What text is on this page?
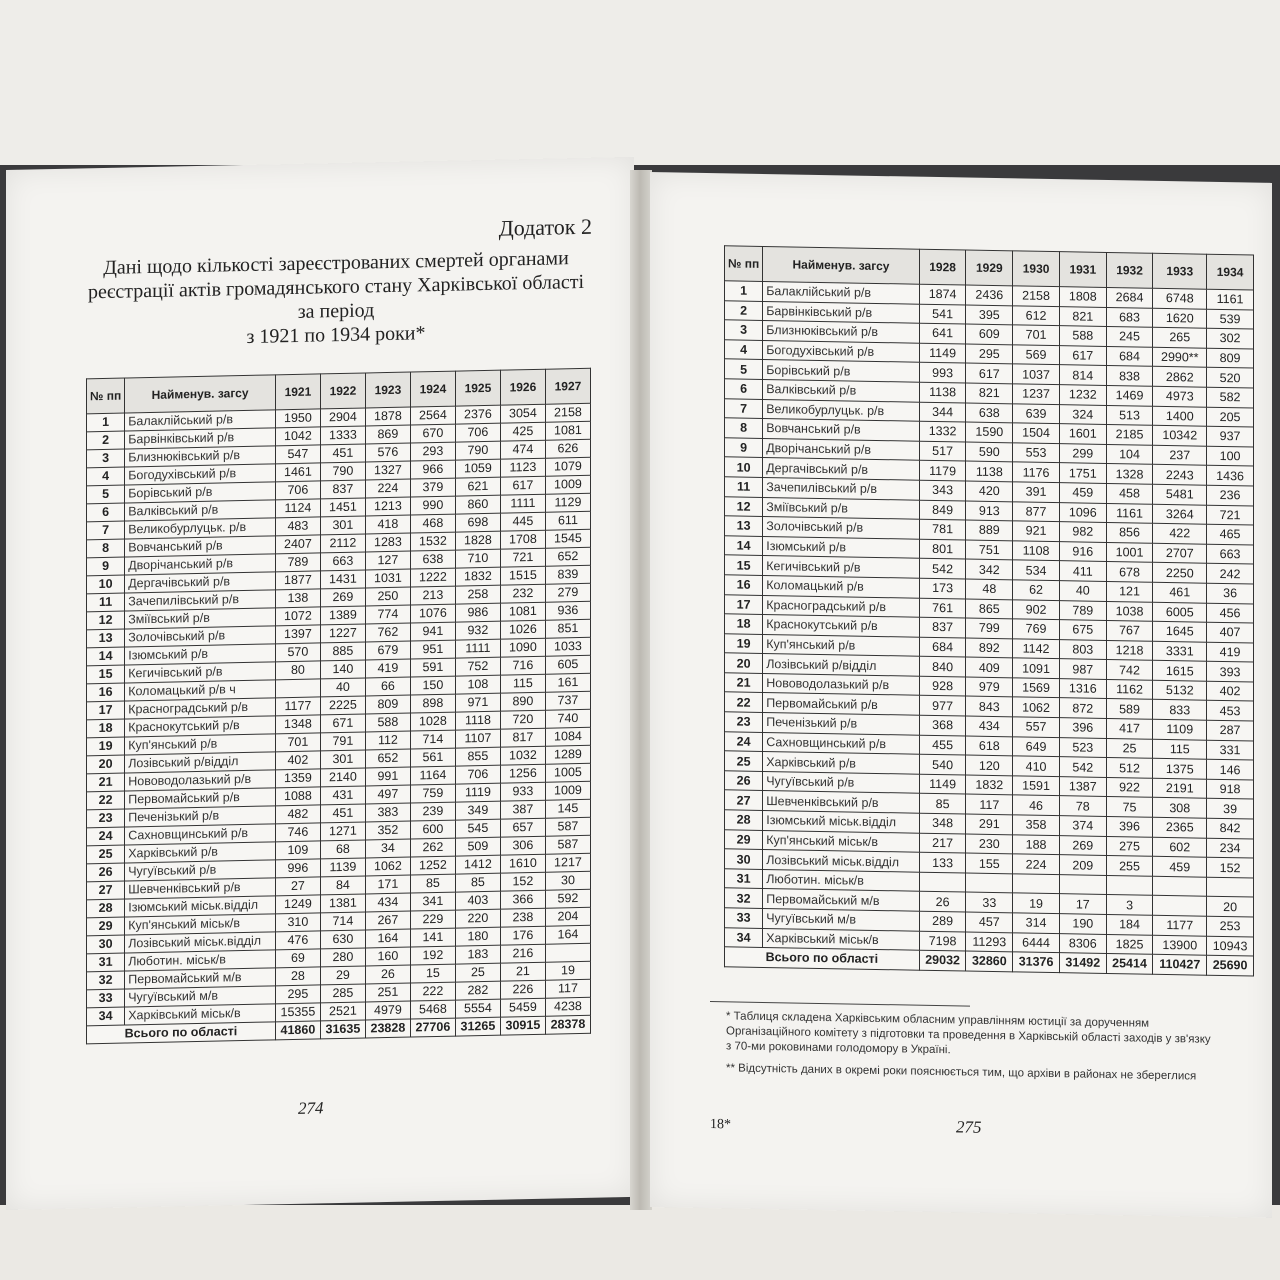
Додаток 2
Дані щодо кількості зареєстрованих смертей органами
реєстрації актів громадянського стану Харківської області
за період
з 1921 по 1934 роки*
№ пп	Найменув. загсу	1921	1922	1923	1924	1925	1926	1927
1	Балаклійський р/в	1950	2904	1878	2564	2376	3054	2158
2	Барвінківський р/в	1042	1333	869	670	706	425	1081
3	Близнюківський р/в	547	451	576	293	790	474	626
4	Богодухівський р/в	1461	790	1327	966	1059	1123	1079
5	Борівський р/в	706	837	224	379	621	617	1009
6	Валківський р/в	1124	1451	1213	990	860	1111	1129
7	Великобурлуцьк. р/в	483	301	418	468	698	445	611
8	Вовчанський р/в	2407	2112	1283	1532	1828	1708	1545
9	Дворічанський р/в	789	663	127	638	710	721	652
10	Дергачівський р/в	1877	1431	1031	1222	1832	1515	839
11	Зачепилівський р/в	138	269	250	213	258	232	279
12	Зміївський р/в	1072	1389	774	1076	986	1081	936
13	Золочівський р/в	1397	1227	762	941	932	1026	851
14	Ізюмський р/в	570	885	679	951	1111	1090	1033
15	Кегичівський р/в	80	140	419	591	752	716	605
16	Коломацький р/в ч		40	66	150	108	115	161
17	Красноградський р/в	1177	2225	809	898	971	890	737
18	Краснокутський р/в	1348	671	588	1028	1118	720	740
19	Куп'янський р/в	701	791	112	714	1107	817	1084
20	Лозівський р/відділ	402	301	652	561	855	1032	1289
21	Нововодолазький р/в	1359	2140	991	1164	706	1256	1005
22	Первомайський р/в	1088	431	497	759	1119	933	1009
23	Печенізький р/в	482	451	383	239	349	387	145
24	Сахновщинський р/в	746	1271	352	600	545	657	587
25	Харківський р/в	109	68	34	262	509	306	587
26	Чугуївський р/в	996	1139	1062	1252	1412	1610	1217
27	Шевченківський р/в	27	84	171	85	85	152	30
28	Ізюмський міськ.відділ	1249	1381	434	341	403	366	592
29	Куп'янський міськ/в	310	714	267	229	220	238	204
30	Лозівський міськ.відділ	476	630	164	141	180	176	164
31	Люботин. міськ/в	69	280	160	192	183	216	
32	Первомайський м/в	28	29	26	15	25	21	19
33	Чугуївський м/в	295	285	251	222	282	226	117
34	Харківський міськ/в	15355	2521	4979	5468	5554	5459	4238
Всього по області		41860	31635	23828	27706	31265	30915	28378
274
№ пп	Найменув. загсу	1928	1929	1930	1931	1932	1933	1934
1	Балаклійський р/в	1874	2436	2158	1808	2684	6748	1161
2	Барвінківський р/в	541	395	612	821	683	1620	539
3	Близнюківський р/в	641	609	701	588	245	265	302
4	Богодухівський р/в	1149	295	569	617	684	2990**	809
5	Борівський р/в	993	617	1037	814	838	2862	520
6	Валківський р/в	1138	821	1237	1232	1469	4973	582
7	Великобурлуцьк. р/в	344	638	639	324	513	1400	205
8	Вовчанський р/в	1332	1590	1504	1601	2185	10342	937
9	Дворічанський р/в	517	590	553	299	104	237	100
10	Дергачівський р/в	1179	1138	1176	1751	1328	2243	1436
11	Зачепилівський р/в	343	420	391	459	458	5481	236
12	Зміївський р/в	849	913	877	1096	1161	3264	721
13	Золочівський р/в	781	889	921	982	856	422	465
14	Ізюмський р/в	801	751	1108	916	1001	2707	663
15	Кегичівський р/в	542	342	534	411	678	2250	242
16	Коломацький р/в	173	48	62	40	121	461	36
17	Красноградський р/в	761	865	902	789	1038	6005	456
18	Краснокутський р/в	837	799	769	675	767	1645	407
19	Куп'янський р/в	684	892	1142	803	1218	3331	419
20	Лозівський р/відділ	840	409	1091	987	742	1615	393
21	Нововодолазький р/в	928	979	1569	1316	1162	5132	402
22	Первомайський р/в	977	843	1062	872	589	833	453
23	Печенізький р/в	368	434	557	396	417	1109	287
24	Сахновщинський р/в	455	618	649	523	25	115	331
25	Харківський р/в	540	120	410	542	512	1375	146
26	Чугуївський р/в	1149	1832	1591	1387	922	2191	918
27	Шевченківський р/в	85	117	46	78	75	308	39
28	Ізюмський міськ.відділ	348	291	358	374	396	2365	842
29	Куп'янський міськ/в	217	230	188	269	275	602	234
30	Лозівський міськ.відділ	133	155	224	209	255	459	152
31	Люботин. міськ/в							
32	Первомайський м/в	26	33	19	17	3		20
33	Чугуївський м/в	289	457	314	190	184	1177	253
34	Харківський міськ/в	7198	11293	6444	8306	1825	13900	10943
Всього по області		29032	32860	31376	31492	25414	110427	25690
* Таблиця складена Харківським обласним управлінням юстиції за дорученням Організаційного комітету з підготовки та проведення в Харківській області заходів у зв'язку з 70-ми роковинами голодомору в Україні.
** Відсутність даних в окремі роки пояснюється тим, що архіви в районах не збереглися
18*	275
